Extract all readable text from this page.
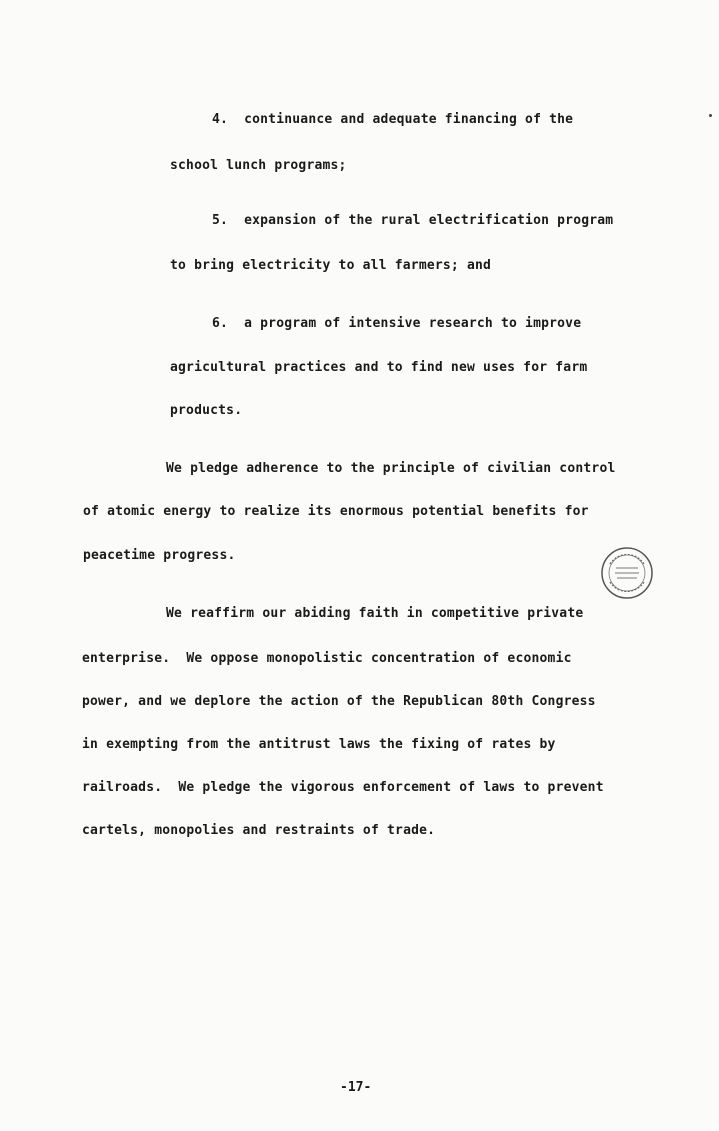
4.  continuance and adequate financing of the
school lunch programs;
5.  expansion of the rural electrification program
to bring electricity to all farmers; and
6.  a program of intensive research to improve
agricultural practices and to find new uses for farm
products.
We pledge adherence to the principle of civilian control
of atomic energy to realize its enormous potential benefits for
peacetime progress.
We reaffirm our abiding faith in competitive private
enterprise.  We oppose monopolistic concentration of economic
power, and we deplore the action of the Republican 80th Congress
in exempting from the antitrust laws the fixing of rates by
railroads.  We pledge the vigorous enforcement of laws to prevent
cartels, monopolies and restraints of trade.
-17-
